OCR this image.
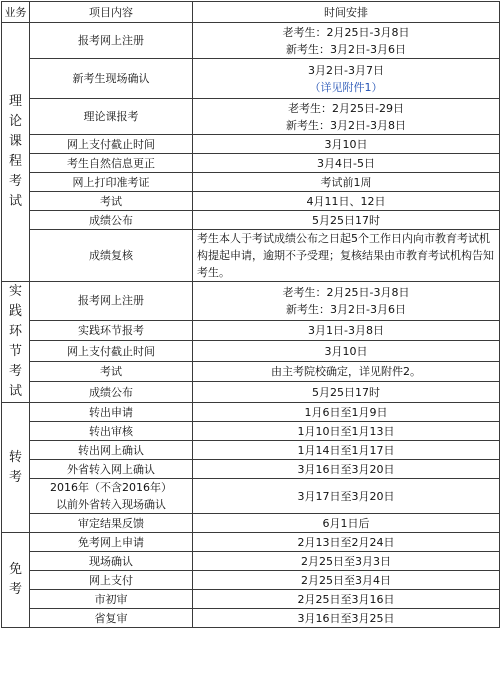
业务	项目内容	时间安排
理论课程考试	报考网上注册	老考生：2月25日-3月8日
新考生：3月2日-3月6日

	新考生现场确认	3月2日-3月7日
（详见附件1）

	理论课报考	老考生：2月25日-29日
新考生：3月2日-3月8日

	网上支付截止时间	3月10日
	考生自然信息更正	3月4日-5日
	网上打印准考证	考试前1周
	考试	4月11日、12日
	成绩公布	5月25日17时
	成绩复核	考生本人于考试成绩公布之日起5个工作日内向市教育考试机构提起申请，逾期不予受理；复核结果由市教育考试机构告知考生。
实践环节考试	报考网上注册	老考生：2月25日-3月8日
新考生：3月2日-3月6日

	实践环节报考	3月1日-3月8日
	网上支付截止时间	3月10日
	考试	由主考院校确定，详见附件2。
	成绩公布	5月25日17时
转考	转出申请	1月6日至1月9日
	转出审核	1月10日至1月13日
	转出网上确认	1月14日至1月17日
	外省转入网上确认	3月16日至3月20日

	2016年（不含2016年）
以前外省转入现场确认	3月17日至3月20日
	审定结果反馈	6月1日后
免考	免考网上申请	2月13日至2月24日
	现场确认	2月25日至3月3日
	网上支付	2月25日至3月4日
	市初审	2月25日至3月16日
	省复审	3月16日至3月25日
